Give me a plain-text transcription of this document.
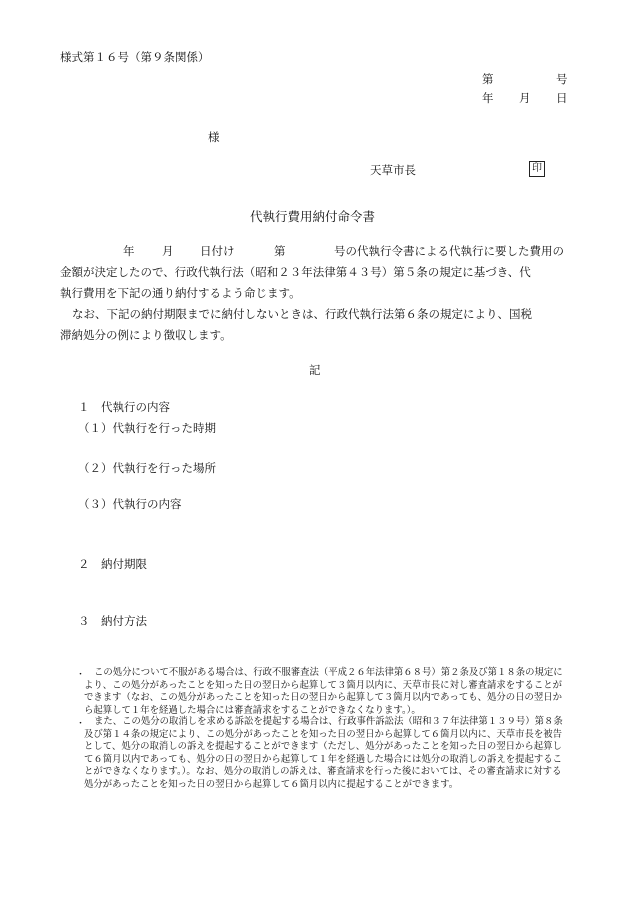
様式第１６号（第９条関係）
第	号
年 月 日
様
天草市長	印
代執行費用納付命令書
年 月 日付け	第	号の代執行令書による代執行に要した費用の
金額が決定したので、行政代執行法（昭和２３年法律第４３号）第５条の規定に基づき、代
執行費用を下記の通り納付するよう命じます。
なお、下記の納付期限までに納付しないときは、行政代執行法第６条の規定により、国税
滞納処分の例により徴収します。
記
１　代執行の内容
（１）代執行を行った時期
（２）代執行を行った場所
（３）代執行の内容
２　納付期限
３　納付方法
・ この処分について不服がある場合は、行政不服審査法（平成２６年法律第６８号）第２条及び第１８条の規定により、この処分があったことを知った日の翌日から起算して３箇月以内に、天草市長に対し審査請求をすることができます（なお、この処分があったことを知った日の翌日から起算して３箇月以内であっても、処分の日の翌日から起算して１年を経過した場合には審査請求をすることができなくなります。）。
・ また、この処分の取消しを求める訴訟を提起する場合は、行政事件訴訟法（昭和３７年法律第１３９号）第８条及び第１４条の規定により、この処分があったことを知った日の翌日から起算して６箇月以内に、天草市長を被告として、処分の取消しの訴えを提起することができます（ただし、処分があったことを知った日の翌日から起算して６箇月以内であっても、処分の日の翌日から起算して１年を経過した場合には処分の取消しの訴えを提起することができなくなります。）。なお、処分の取消しの訴えは、審査請求を行った後においては、その審査請求に対する処分があったことを知った日の翌日から起算して６箇月以内に提起することができます。
